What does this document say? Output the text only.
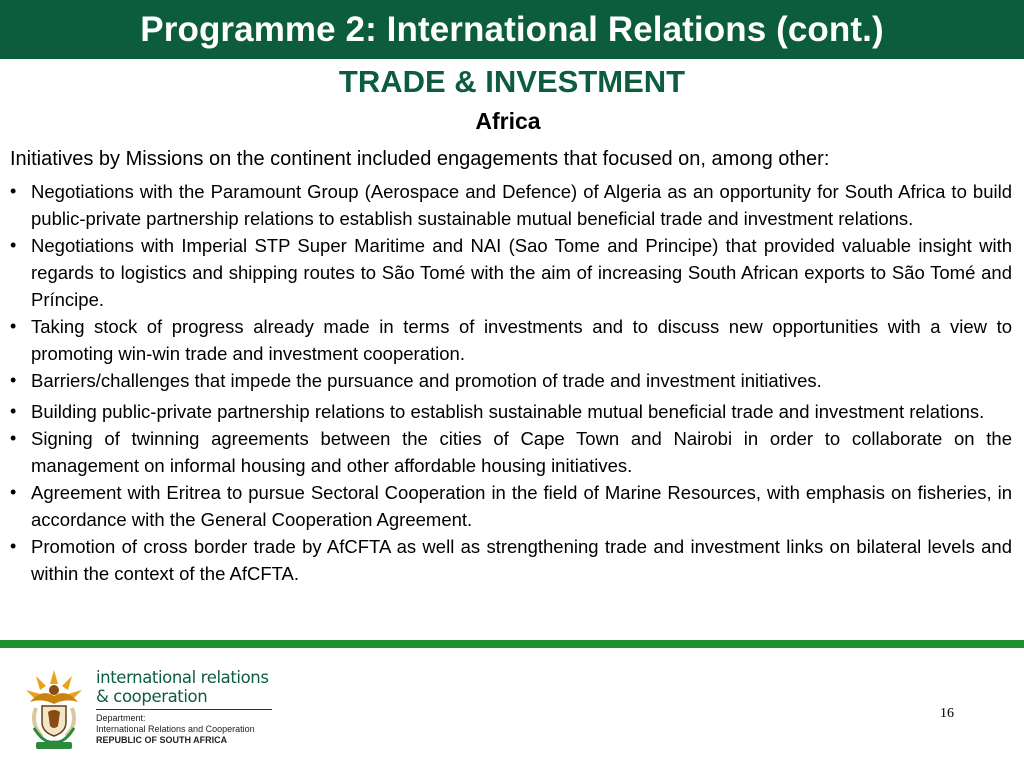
Programme 2: International Relations (cont.)
TRADE & INVESTMENT
Africa
Initiatives by Missions on the continent included engagements that focused on, among other:
• Negotiations with the Paramount Group (Aerospace and Defence) of Algeria as an opportunity for South Africa to build public-private partnership relations to establish sustainable mutual beneficial trade and investment relations.
• Negotiations with Imperial STP Super Maritime and NAI (Sao Tome and Principe) that provided valuable insight with regards to logistics and shipping routes to São Tomé with the aim of increasing South African exports to São Tomé and Príncipe.
• Taking stock of progress already made in terms of investments and to discuss new opportunities with a view to promoting win-win trade and investment cooperation.
• Barriers/challenges that impede the pursuance and promotion of trade and investment initiatives.
• Building public-private partnership relations to establish sustainable mutual beneficial trade and investment relations.
• Signing of twinning agreements between the cities of Cape Town and Nairobi in order to collaborate on the management on informal housing and other affordable housing initiatives.
• Agreement with Eritrea to pursue Sectoral Cooperation in the field of Marine Resources, with emphasis on fisheries, in accordance with the General Cooperation Agreement.
• Promotion of cross border trade by AfCFTA as well as strengthening trade and investment links on bilateral levels and within the context of the AfCFTA.
international relations
& cooperation
Department:
International Relations and Cooperation
REPUBLIC OF SOUTH AFRICA
16
